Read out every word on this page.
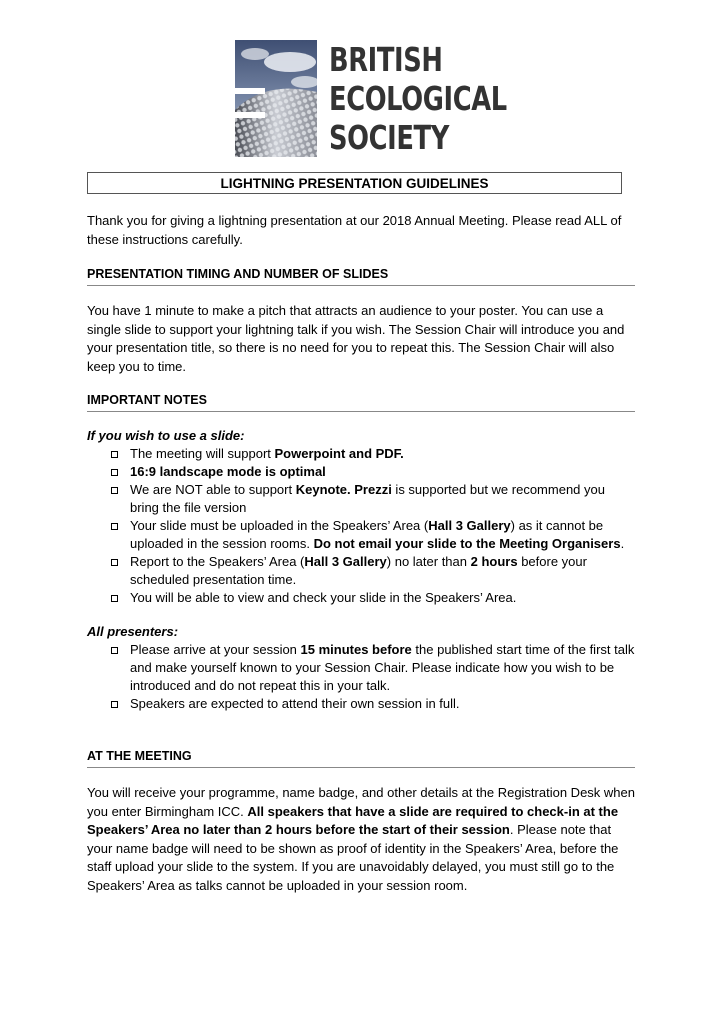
BRITISH
ECOLOGICAL
SOCIETY
LIGHTNING PRESENTATION GUIDELINES
Thank you for giving a lightning presentation at our 2018 Annual Meeting. Please read ALL of these instructions carefully.
PRESENTATION TIMING AND NUMBER OF SLIDES
You have 1 minute to make a pitch that attracts an audience to your poster. You can use a single slide to support your lightning talk if you wish. The Session Chair will introduce you and your presentation title, so there is no need for you to repeat this. The Session Chair will also keep you to time.
IMPORTANT NOTES
If you wish to use a slide:
The meeting will support Powerpoint and PDF.
16:9 landscape mode is optimal
We are NOT able to support Keynote. Prezzi is supported but we recommend you bring the file version
Your slide must be uploaded in the Speakers’ Area (Hall 3 Gallery) as it cannot be uploaded in the session rooms. Do not email your slide to the Meeting Organisers.
Report to the Speakers’ Area (Hall 3 Gallery) no later than 2 hours before your scheduled presentation time.
You will be able to view and check your slide in the Speakers’ Area.
All presenters:
Please arrive at your session 15 minutes before the published start time of the first talk and make yourself known to your Session Chair. Please indicate how you wish to be introduced and do not repeat this in your talk.
Speakers are expected to attend their own session in full.
AT THE MEETING
You will receive your programme, name badge, and other details at the Registration Desk when you enter Birmingham ICC. All speakers that have a slide are required to check-in at the Speakers’ Area no later than 2 hours before the start of their session. Please note that your name badge will need to be shown as proof of identity in the Speakers’ Area, before the staff upload your slide to the system. If you are unavoidably delayed, you must still go to the Speakers’ Area as talks cannot be uploaded in your session room.
